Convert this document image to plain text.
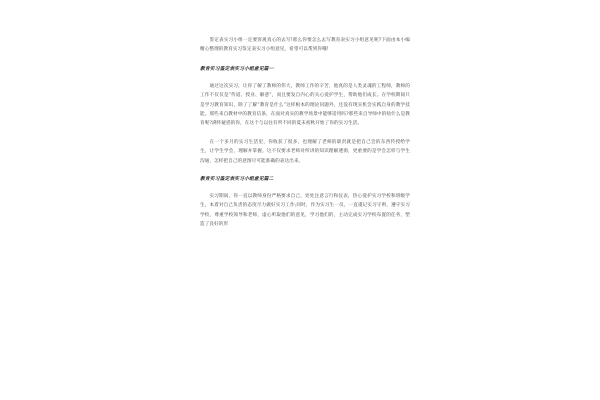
鉴定表实习小组一定要客观真心的去写!那么你要怎么去写教育表实习小组意见呢?下面由本小编精心整理的教育实习鉴定表实习小组意见，希望可以帮到你哦!

教育实习鉴定表实习小组意见篇一

通过这次实习，让你了解了教师的伟大，教师工作的辛苦，他真的是人类灵魂的工程师，教师的工作不仅仅是“传道、授业、解惑”，而且要发自内心的关心爱护学生，帮助他们成长。在学校期间只是学习教育知识，除了了解“教育是什么”这样根本的理论问题外，还没有现实机会实践自身的教学技能。那些来自教材中的教育信条，在面对真实的教学场景中能够适用吗?那些来自导师中的啥什么是教育呢?满怀疑惑的你，在这个与以往有所不同的夏末初秋开始了你的实习生活。

在一个多月的实习生活里，你收获了很多，也理解了老师的职责就是把自己会的东西传授给学生，让学生学会，理解并掌握。这不仅要求老师对所讲的知识理解透彻，更重要的是学会怎样与学生沟通，怎样把自己的意图尽可能准确的表达出来。

教育实习鉴定表实习小组意见篇二

实习期间，你一直以教师身份严格要求自己，处处注意言行和仪表，热心爱护实习学校和班级学生，本着对自己负责的态度尽力做好实习工作;同时，作为实习生一员，一直谨记实习守则，遵守实习学校，尊重学校领导和老师，虚心听取他们的意见，学习他们的，主动完成实习学校布置的任务，塑造了良好的形
